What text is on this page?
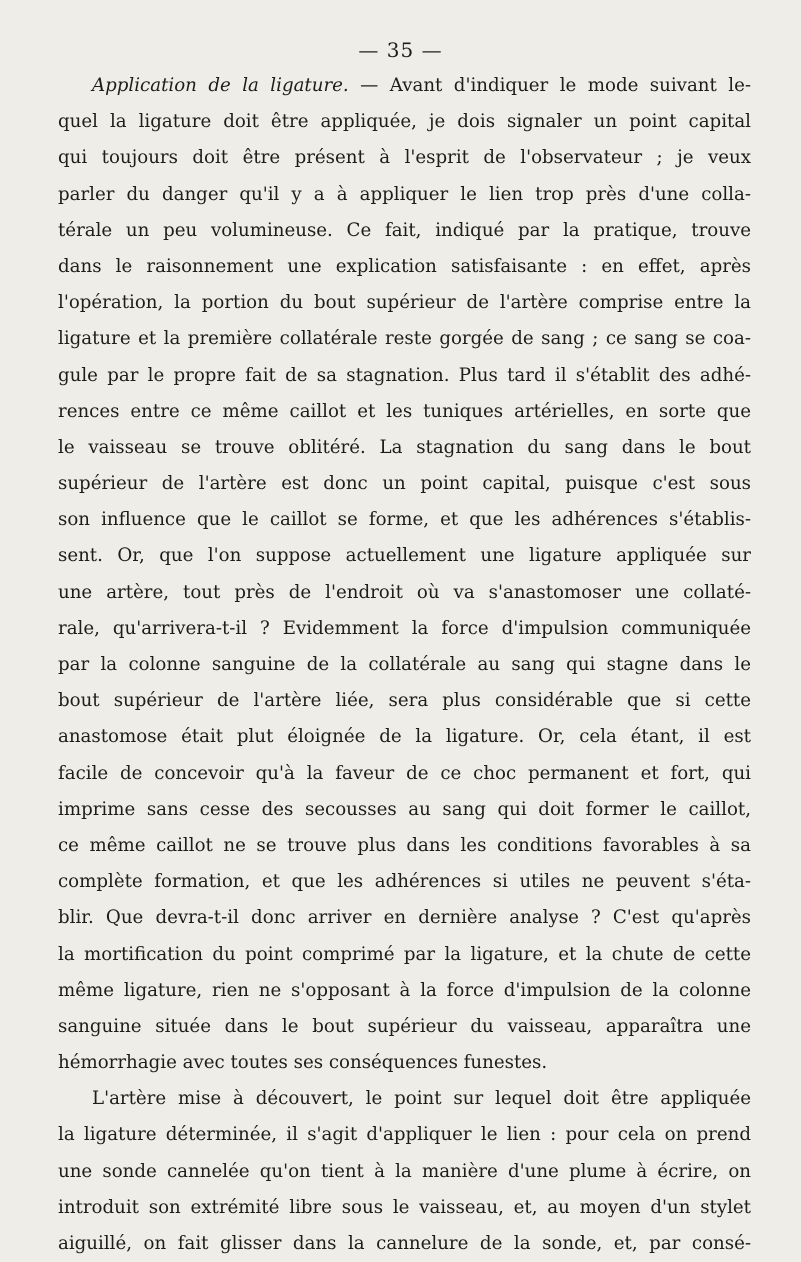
— 35 —
Application de la ligature. — Avant d'indiquer le mode suivant le-
quel la ligature doit être appliquée, je dois signaler un point capital
qui toujours doit être présent à l'esprit de l'observateur ; je veux
parler du danger qu'il y a à appliquer le lien trop près d'une colla-
térale un peu volumineuse. Ce fait, indiqué par la pratique, trouve
dans le raisonnement une explication satisfaisante : en effet, après
l'opération, la portion du bout supérieur de l'artère comprise entre la
ligature et la première collatérale reste gorgée de sang ; ce sang se coa-
gule par le propre fait de sa stagnation. Plus tard il s'établit des adhé-
rences entre ce même caillot et les tuniques artérielles, en sorte que
le vaisseau se trouve oblitéré. La stagnation du sang dans le bout
supérieur de l'artère est donc un point capital, puisque c'est sous
son influence que le caillot se forme, et que les adhérences s'établis-
sent. Or, que l'on suppose actuellement une ligature appliquée sur
une artère, tout près de l'endroit où va s'anastomoser une collaté-
rale, qu'arrivera-t-il ? Evidemment la force d'impulsion communiquée
par la colonne sanguine de la collatérale au sang qui stagne dans le
bout supérieur de l'artère liée, sera plus considérable que si cette
anastomose était plut éloignée de la ligature. Or, cela étant, il est
facile de concevoir qu'à la faveur de ce choc permanent et fort, qui
imprime sans cesse des secousses au sang qui doit former le caillot,
ce même caillot ne se trouve plus dans les conditions favorables à sa
complète formation, et que les adhérences si utiles ne peuvent s'éta-
blir. Que devra-t-il donc arriver en dernière analyse ? C'est qu'après
la mortification du point comprimé par la ligature, et la chute de cette
même ligature, rien ne s'opposant à la force d'impulsion de la colonne
sanguine située dans le bout supérieur du vaisseau, apparaîtra une
hémorrhagie avec toutes ses conséquences funestes.
L'artère mise à découvert, le point sur lequel doit être appliquée
la ligature déterminée, il s'agit d'appliquer le lien : pour cela on prend
une sonde cannelée qu'on tient à la manière d'une plume à écrire, on
introduit son extrémité libre sous le vaisseau, et, au moyen d'un stylet
aiguillé, on fait glisser dans la cannelure de la sonde, et, par consé-
